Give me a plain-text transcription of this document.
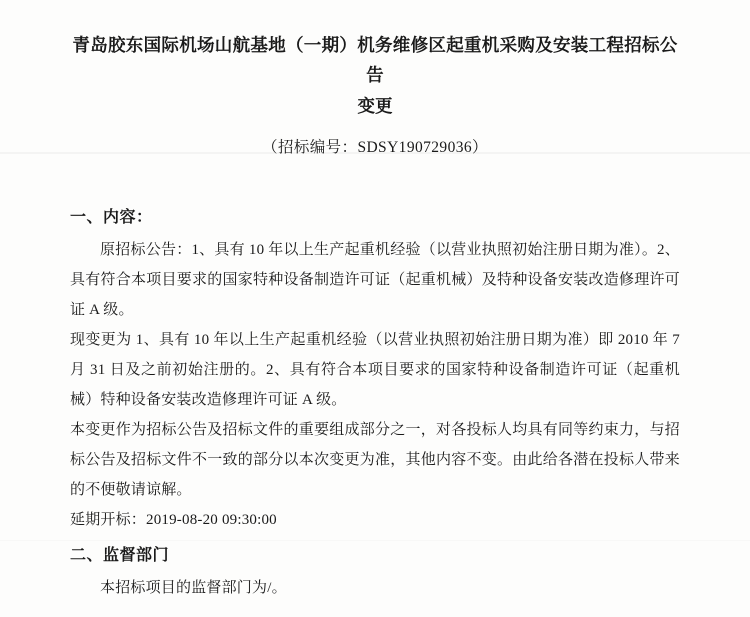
青岛胶东国际机场山航基地（一期）机务维修区起重机采购及安装工程招标公告
变更
（招标编号：SDSY190729036）
一、内容：

原招标公告：1、具有 10 年以上生产起重机经验（以营业执照初始注册日期为准）。2、具有符合本项目要求的国家特种设备制造许可证（起重机械）及特种设备安装改造修理许可证 A 级。

现变更为 1、具有 10 年以上生产起重机经验（以营业执照初始注册日期为准）即 2010 年 7 月 31 日及之前初始注册的。2、具有符合本项目要求的国家特种设备制造许可证（起重机械）特种设备安装改造修理许可证 A 级。

本变更作为招标公告及招标文件的重要组成部分之一，对各投标人均具有同等约束力，与招标公告及招标文件不一致的部分以本次变更为准，其他内容不变。由此给各潜在投标人带来的不便敬请谅解。

延期开标：2019-08-20 09:30:00

二、监督部门

本招标项目的监督部门为/。
